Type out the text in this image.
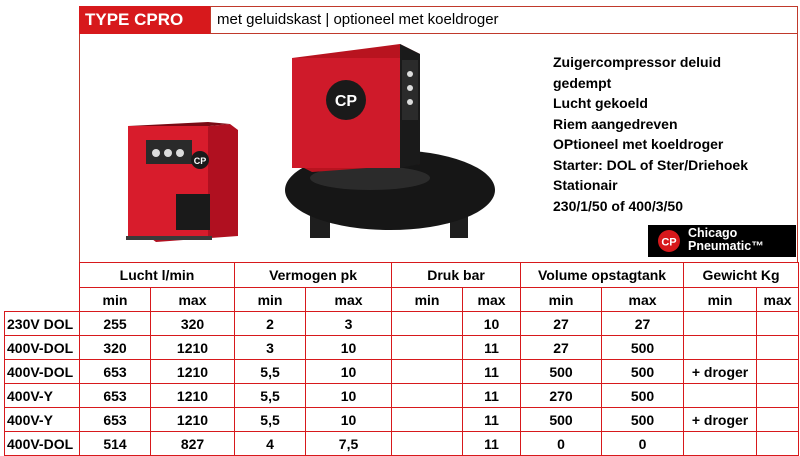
TYPE CPRO	met geluidskast | optioneel met koeldroger
CP
CP
Zuigercompressor deluid
gedempt
Lucht gekoeld
Riem aangedreven
OPtioneel met koeldroger
Starter: DOL of Ster/Driehoek
Stationair
230/1/50 of 400/3/50
CP
Chicago
Pneumatic™
	Lucht l/min		Vermogen pk		Druk bar		Volume opstagtank		Gewicht Kg	
	min	max	min	max	min	max	min	max	min	max
230V DOL	255	320	2	3		10	27	27		
400V-DOL	320	1210	3	10		11	27	500		
400V-DOL	653	1210	5,5	10		11	500	500	+ droger	
400V-Y	653	1210	5,5	10		11	270	500		
400V-Y	653	1210	5,5	10		11	500	500	+ droger	
400V-DOL	514	827	4	7,5		11	0	0		
